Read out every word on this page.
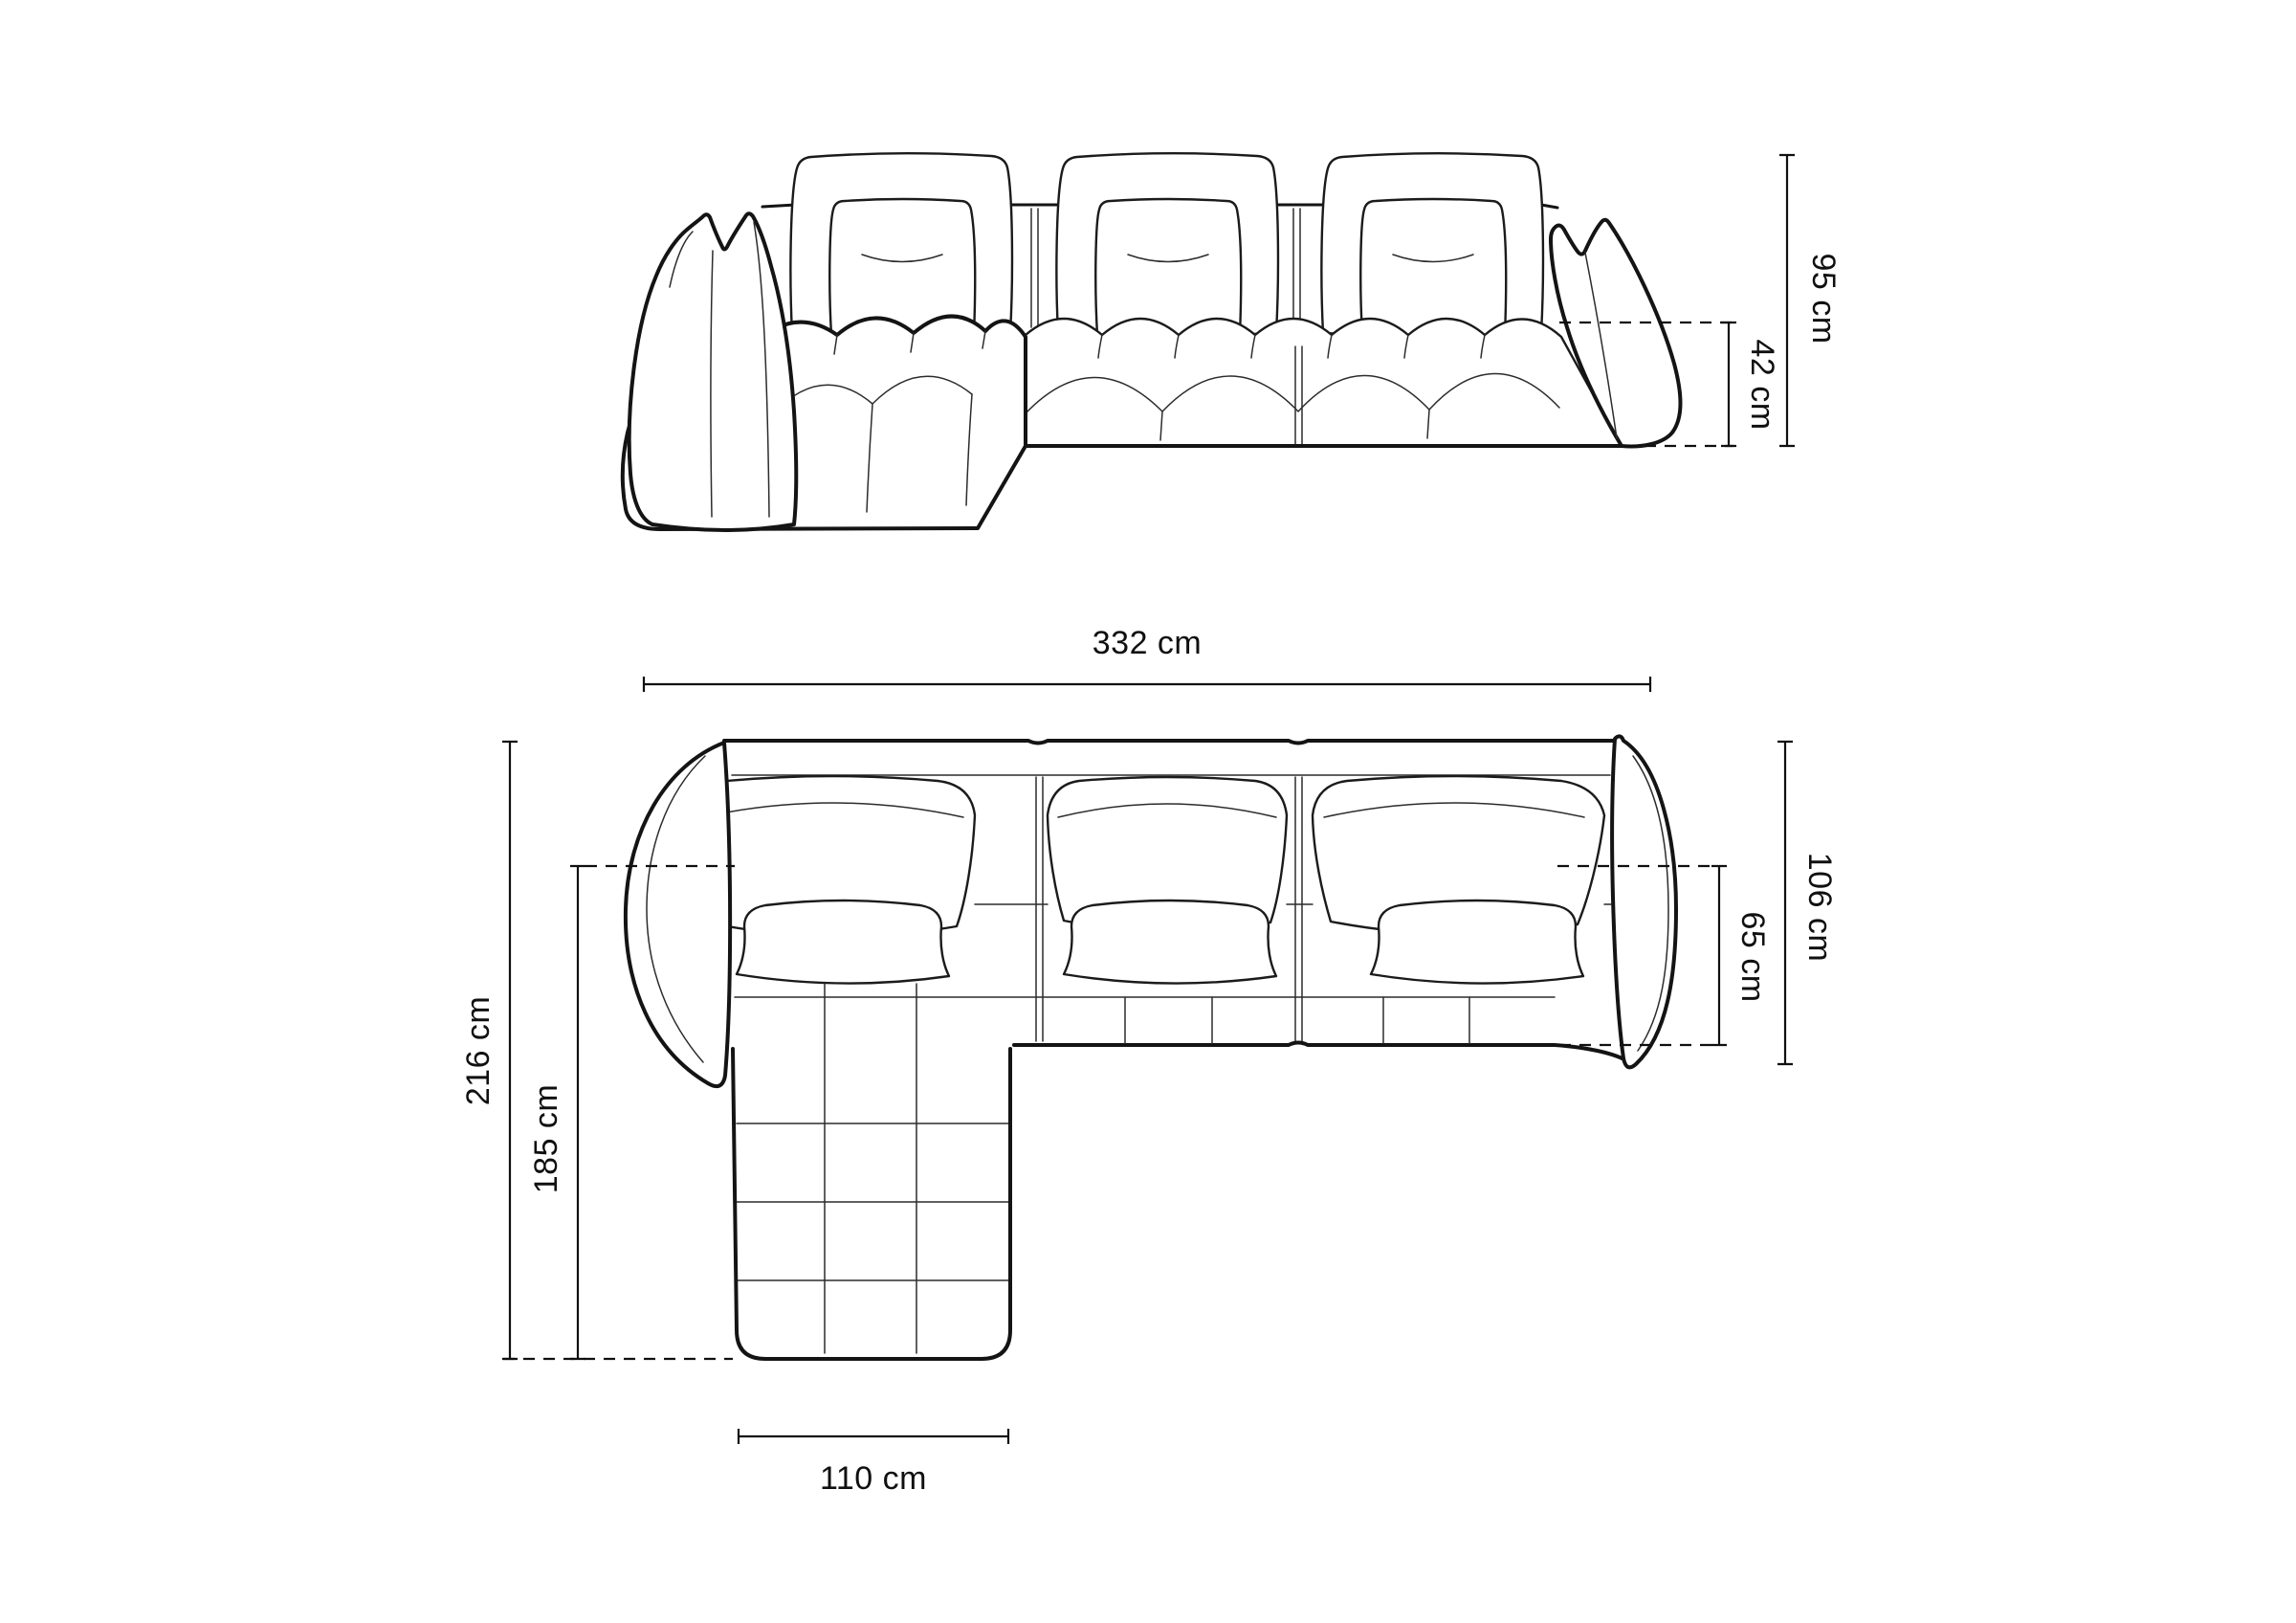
42 cm
95 cm
332 cm
216 cm
185 cm
65 cm 106 cm
110 cm
